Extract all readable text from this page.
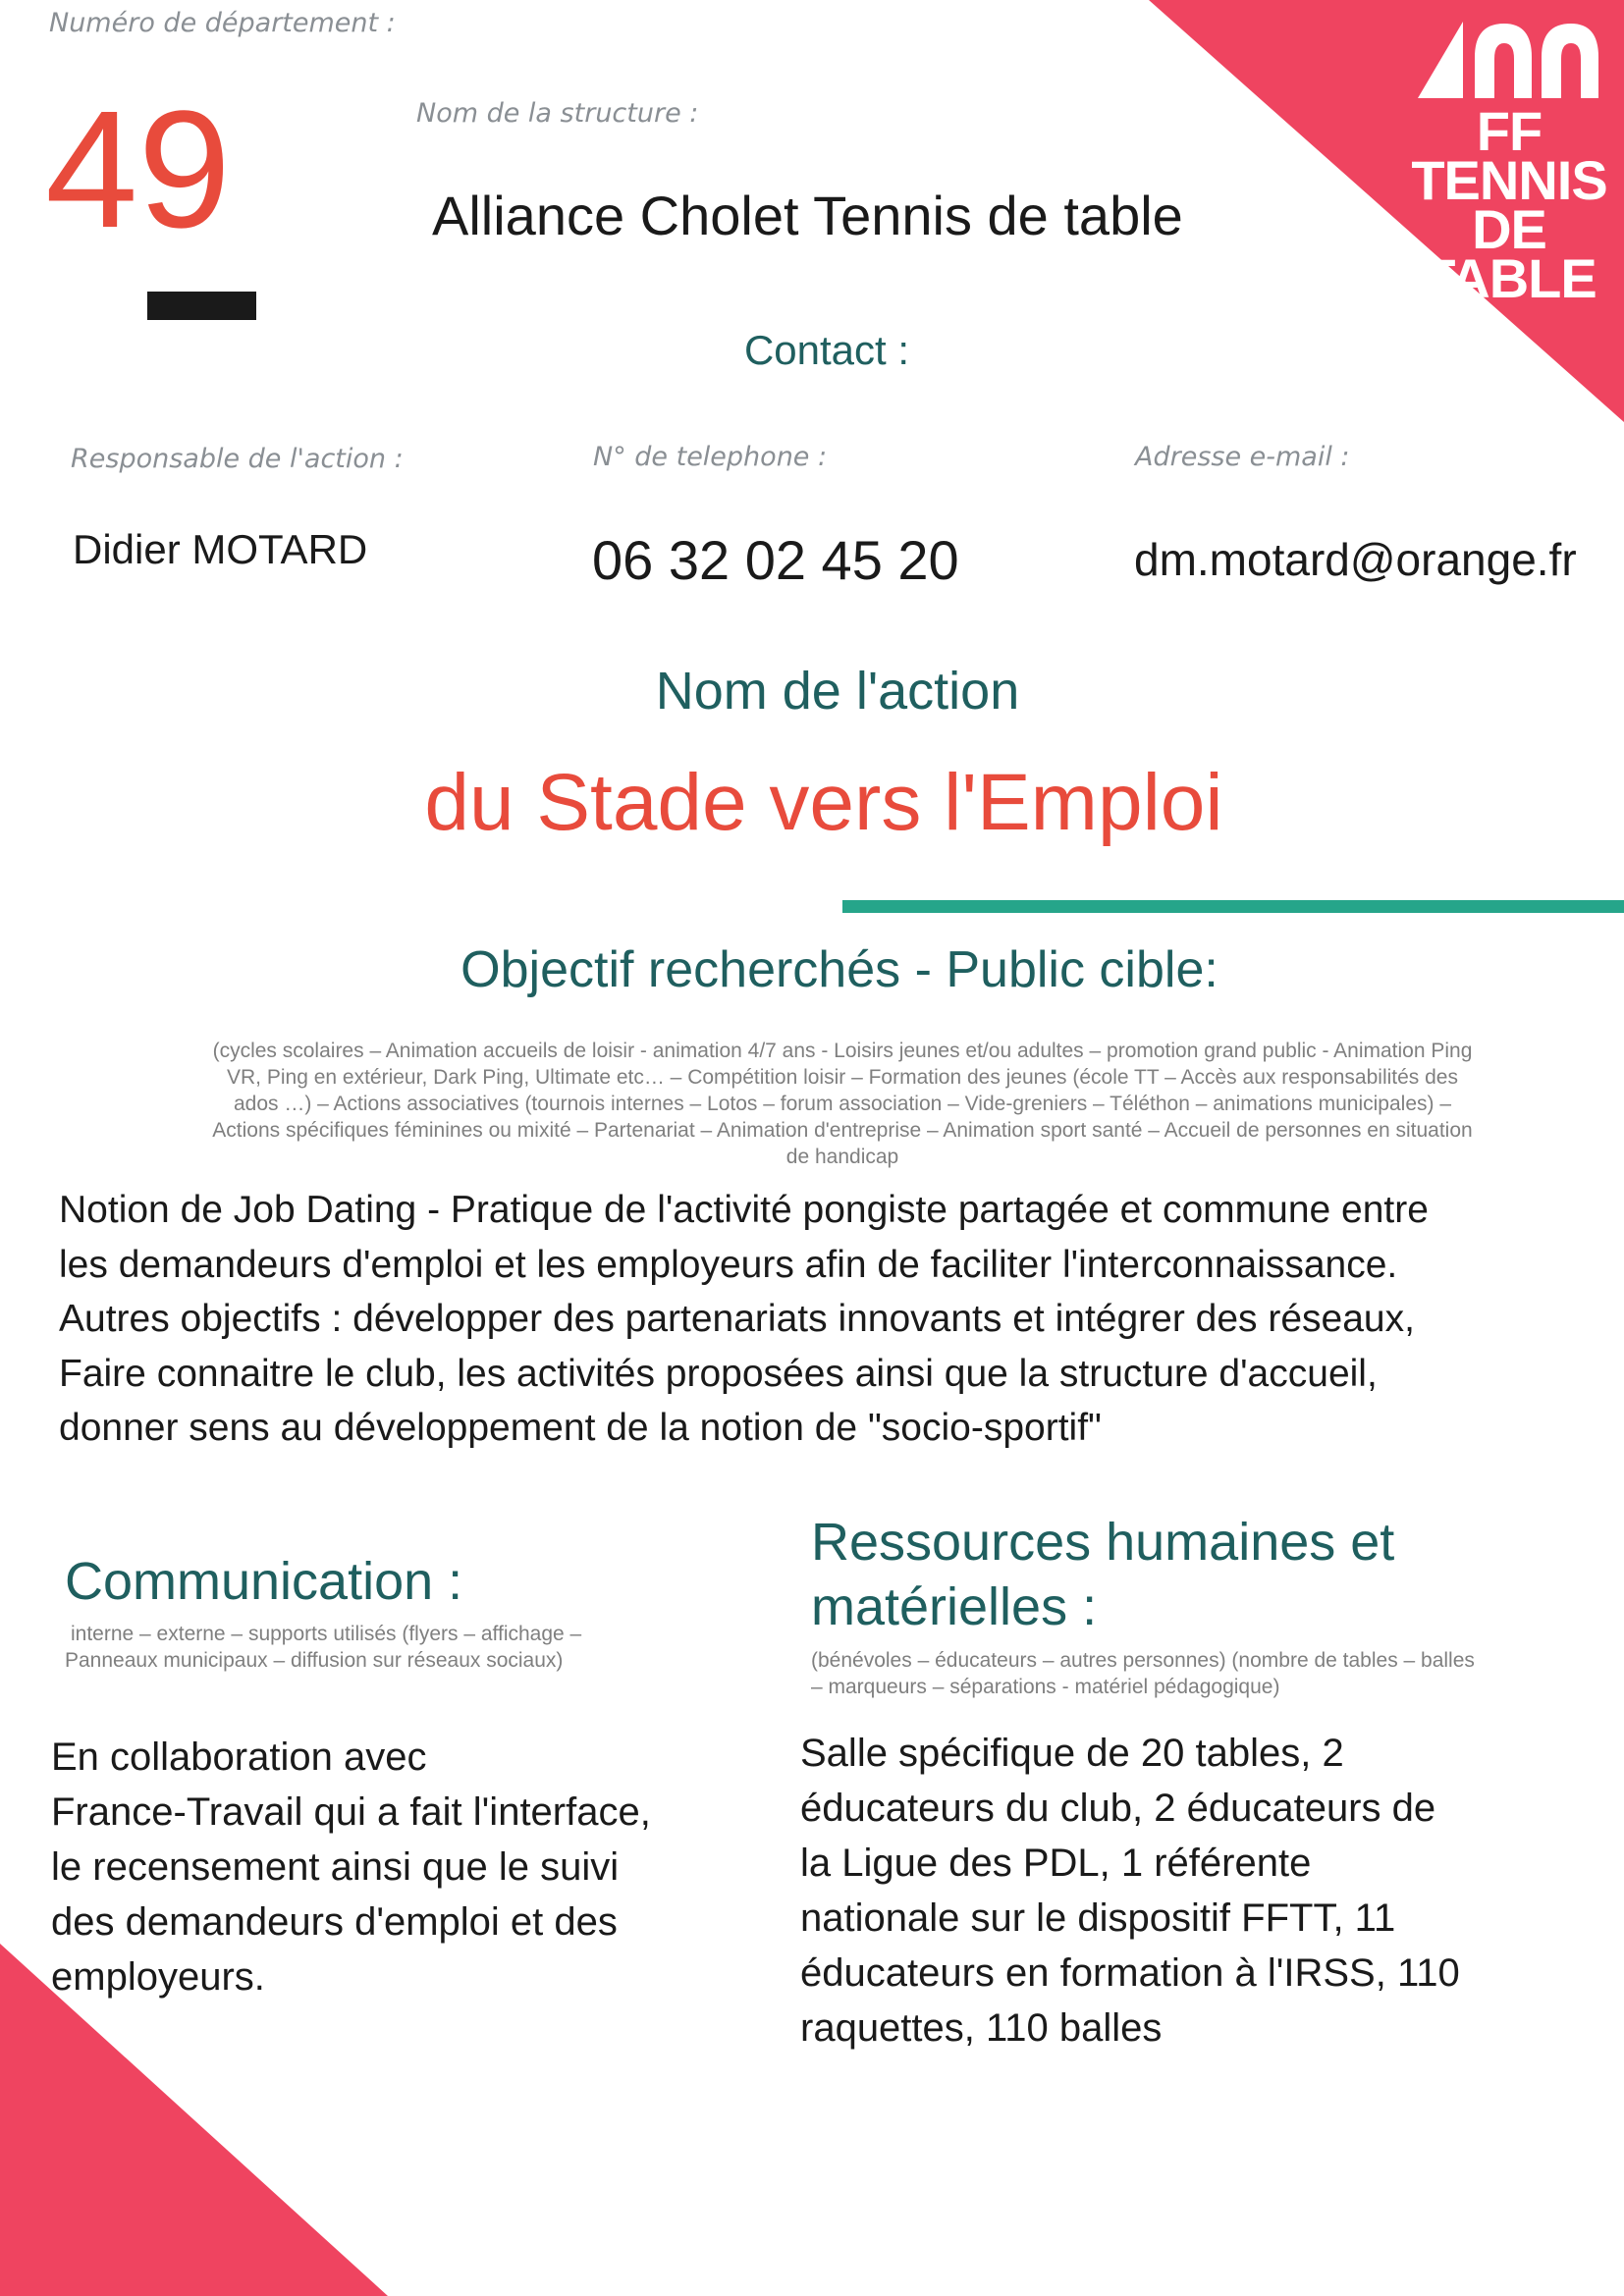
FF TENNIS
DE TABLE
Numéro de département :
49	Nom de la structure :
Alliance Cholet Tennis de table
Contact :
Responsable de l'action :	N° de telephone :	Adresse e-mail :
Didier MOTARD	06 32 02 45 20	dm.motard@orange.fr
Nom de l'action
du Stade vers l'Emploi
Objectif recherchés - Public cible:
(cycles scolaires – Animation accueils de loisir - animation 4/7 ans - Loisirs jeunes et/ou adultes – promotion grand public - Animation Ping
VR, Ping en extérieur, Dark Ping, Ultimate etc… – Compétition loisir – Formation des jeunes (école TT – Accès aux responsabilités des
ados …) – Actions associatives (tournois internes – Lotos – forum association – Vide-greniers – Téléthon – animations municipales) –
Actions spécifiques féminines ou mixité – Partenariat – Animation d'entreprise – Animation sport santé – Accueil de personnes en situation
de handicap
Notion de Job Dating - Pratique de l'activité pongiste partagée et commune entre
les demandeurs d'emploi et les employeurs afin de faciliter l'interconnaissance.
Autres objectifs : développer des partenariats innovants et intégrer des réseaux,
Faire connaitre le club, les activités proposées ainsi que la structure d'accueil,
donner sens au développement de la notion de "socio-sportif"
Communication :
interne – externe – supports utilisés (flyers – affichage –
Panneaux municipaux – diffusion sur réseaux sociaux)
En collaboration avec
France-Travail qui a fait l'interface,
le recensement ainsi que le suivi
des demandeurs d'emploi et des
employeurs.
Ressources humaines et
matérielles :
(bénévoles – éducateurs – autres personnes) (nombre de tables – balles
– marqueurs – séparations - matériel pédagogique)
Salle spécifique de 20 tables, 2
éducateurs du club, 2 éducateurs de
la Ligue des PDL, 1 référente
nationale sur le dispositif FFTT, 11
éducateurs en formation à l'IRSS, 110
raquettes, 110 balles
